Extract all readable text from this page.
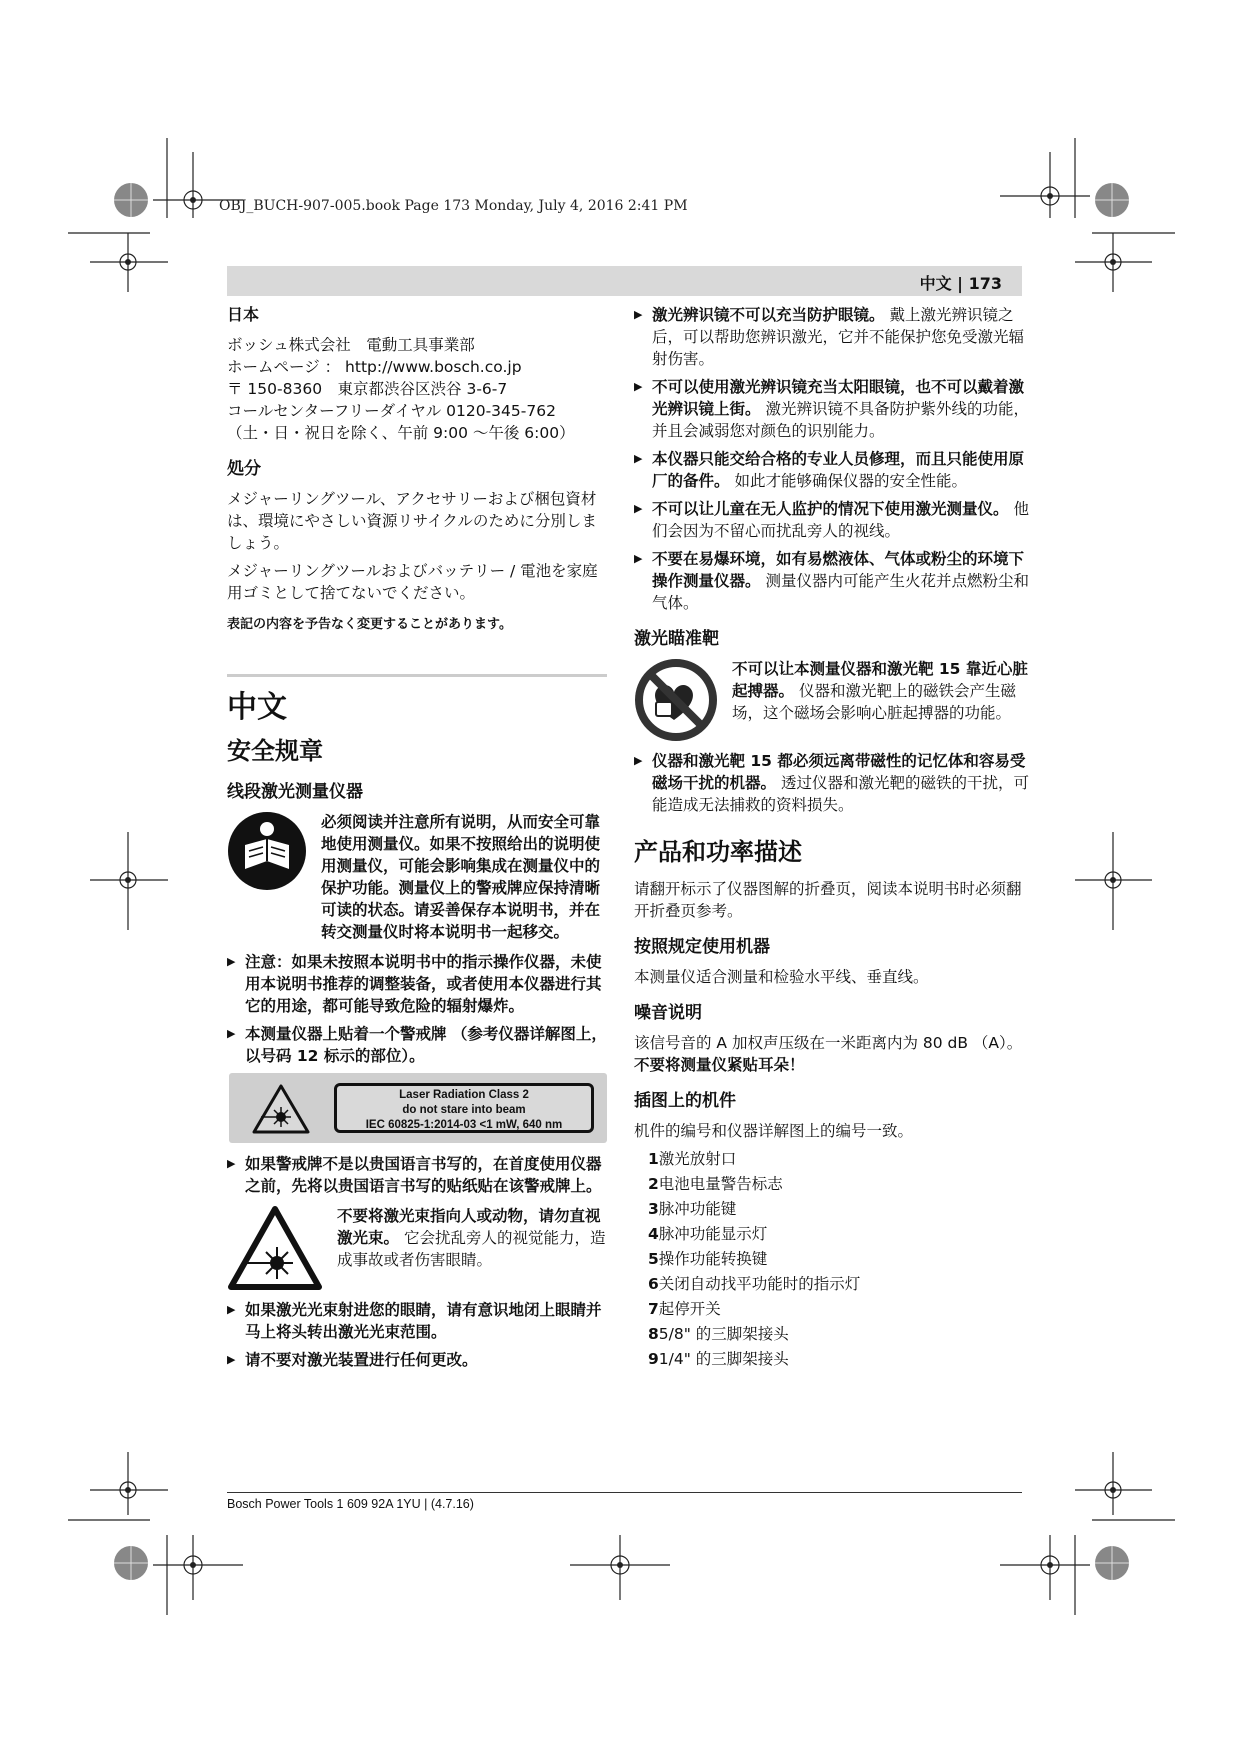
OBJ_BUCH-907-005.book Page 173 Monday, July 4, 2016 2:41 PM
中文 | 173
日本
ボッシュ株式会社　電動工具事業部
ホームページ ： http://www.bosch.co.jp
〒 150-8360　東京都渋谷区渋谷 3-6-7
コールセンターフリーダイヤル 0120-345-762
（土・日・祝日を除く、午前 9:00 ～午後 6:00）
処分

メジャーリングツール、アクセサリーおよび梱包資材は、環境にやさしい資源リサイクルのために分別しましょう。

メジャーリングツールおよびバッテリー / 電池を家庭用ゴミとして捨てないでください。

表記の内容を予告なく変更することがあります。

中文
安全规章
线段激光测量仪器
必须阅读并注意所有说明，从而安全可靠地使用测量仪。如果不按照给出的说明使用测量仪，可能会影响集成在测量仪中的保护功能。测量仪上的警戒牌应保持清晰可读的状态。请妥善保存本说明书，并在转交测量仪时将本说明书一起移交。
▶ 注意：如果未按照本说明书中的指示操作仪器，未使用本说明书推荐的调整装备，或者使用本仪器进行其它的用途，都可能导致危险的辐射爆炸。
▶ 本测量仪器上贴着一个警戒牌 （参考仪器详解图上，以号码 12 标示的部位）。
Laser Radiation Class 2
do not stare into beam
IEC 60825-1:2014-03 <1 mW, 640 nm
▶ 如果警戒牌不是以贵国语言书写的，在首度使用仪器之前，先将以贵国语言书写的贴纸贴在该警戒牌上。
不要将激光束指向人或动物，请勿直视激光束。 它会扰乱旁人的视觉能力，造成事故或者伤害眼睛。
▶ 如果激光光束射进您的眼睛，请有意识地闭上眼睛并马上将头转出激光光束范围。
▶ 请不要对激光装置进行任何更改。
▶ 激光辨识镜不可以充当防护眼镜。 戴上激光辨识镜之后，可以帮助您辨识激光，它并不能保护您免受激光辐射伤害。
▶ 不可以使用激光辨识镜充当太阳眼镜，也不可以戴着激光辨识镜上街。 激光辨识镜不具备防护紫外线的功能，并且会减弱您对颜色的识别能力。
▶ 本仪器只能交给合格的专业人员修理，而且只能使用原厂的备件。 如此才能够确保仪器的安全性能。
▶ 不可以让儿童在无人监护的情况下使用激光测量仪。 他们会因为不留心而扰乱旁人的视线。
▶ 不要在易爆环境，如有易燃液体、气体或粉尘的环境下操作测量仪器。 测量仪器内可能产生火花并点燃粉尘和气体。
激光瞄准靶
不可以让本测量仪器和激光靶 15 靠近心脏起搏器。 仪器和激光靶上的磁铁会产生磁场，这个磁场会影响心脏起搏器的功能。
▶ 仪器和激光靶 15 都必须远离带磁性的记忆体和容易受磁场干扰的机器。 透过仪器和激光靶的磁铁的干扰，可能造成无法捕救的资料损失。
产品和功率描述

请翻开标示了仪器图解的折叠页，阅读本说明书时必须翻开折叠页参考。

按照规定使用机器

本测量仪适合测量和检验水平线、垂直线。

噪音说明

该信号音的 A 加权声压级在一米距离内为 80 dB （A）。

不要将测量仪紧贴耳朵！

插图上的机件

机件的编号和仪器详解图上的编号一致。

1激光放射口
2电池电量警告标志
3脉冲功能键
4脉冲功能显示灯
5操作功能转换键
6关闭自动找平功能时的指示灯
7起停开关
85/8" 的三脚架接头
91/4" 的三脚架接头
Bosch Power Tools 1 609 92A 1YU | (4.7.16)
